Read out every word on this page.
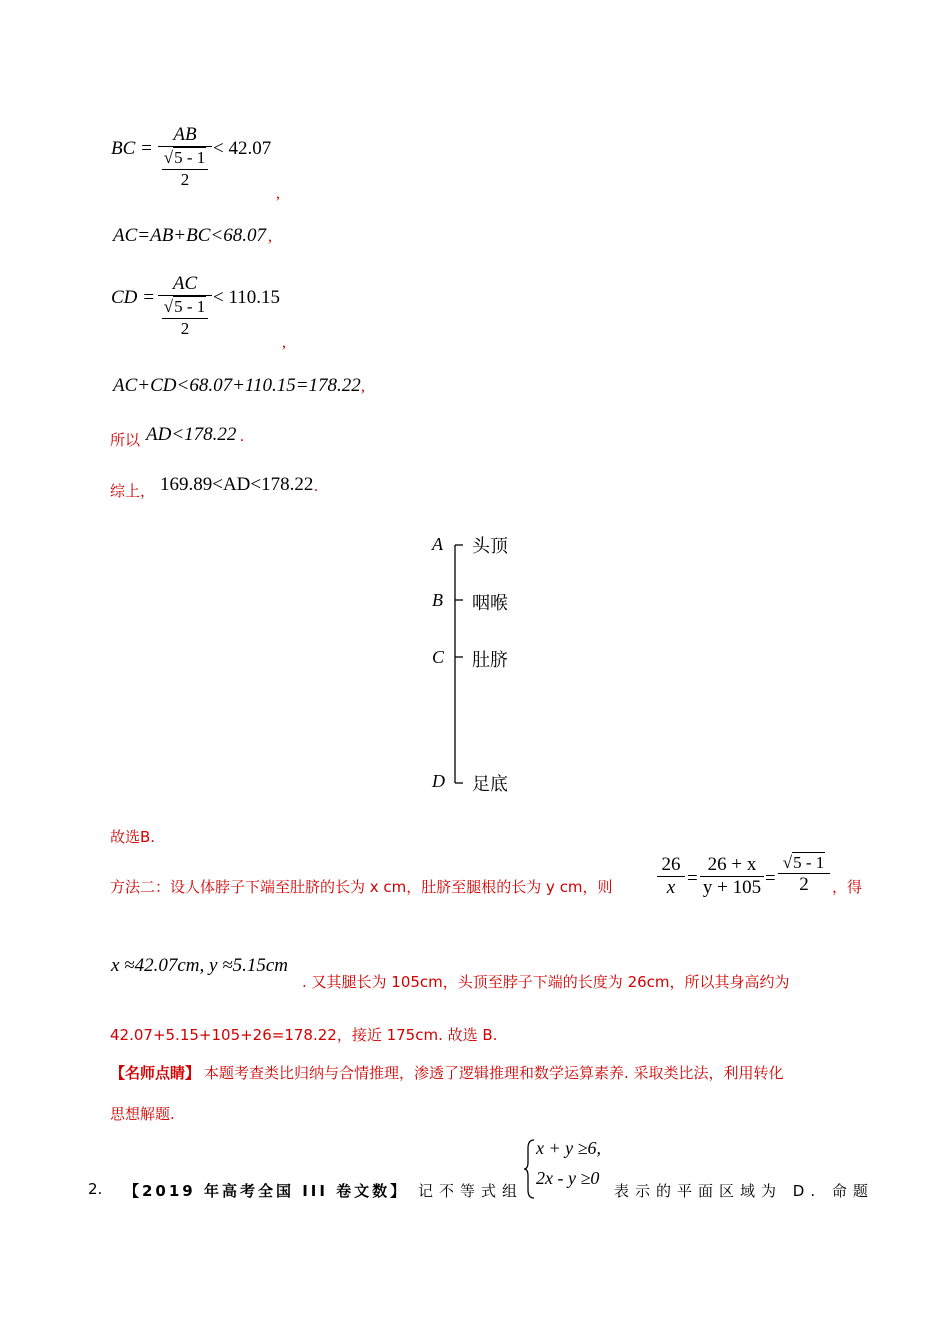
BC =
AB
√5 - 1
2
< 42.07
,
AC=AB+BC<68.07 ,
CD =
AC
√5 - 1
2
< 110.15
,
AC+CD<68.07+110.15=178.22 ,
所以 AD<178.22 .
综上， 169.89<AD<178.22 .
A
B
C
D
头顶
咽喉
肚脐
足底
故选B.
方法二：设人体脖子下端至肚脐的长为 x cm，肚脐至腿根的长为 y cm，则
26
x =
26 + x
y + 105 =
√5 - 1
2	，得
x ≈42.07cm, y ≈5.15cm
. 又其腿长为 105cm，头顶至脖子下端的长度为 26cm，所以其身高约为
42.07+5.15+105+26=178.22，接近 175cm. 故选 B.
【名师点睛】 本题考查类比归纳与合情推理，渗透了逻辑推理和数学运算素养. 采取类比法，利用转化
思想解题.
2. 【2019 年高考全国 III 卷文数】 记不等式组
x + y ≥6,
2x - y ≥0
表示的平面区域为 D. 命题
